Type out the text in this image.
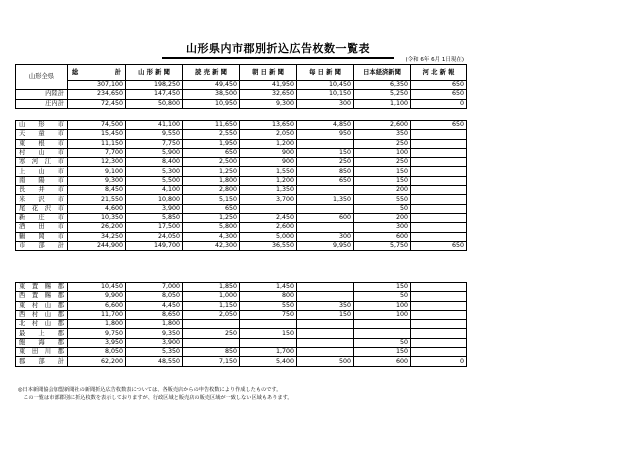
山形県内市郡別折込広告枚数一覧表
(令和 6年 6月 1日現在)
山形全県	総　　　計	山 形 新 聞	読 売 新 聞	朝 日 新 聞	毎 日 新 聞	日本経済新聞	河 北 新 報
	307,100	198,250	49,450	41,950	10,450	6,350	650
内陸計	234,650	147,450	38,500	32,650	10,150	5,250	650
庄内計	72,450	50,800	10,950	9,300	300	1,100	0
山形市	74,500	41,100	11,650	13,650	4,850	2,600	650
天童市	15,450	9,550	2,550	2,050	950	350	
東根市	11,150	7,750	1,950	1,200		250	
村山市	7,700	5,900	650	900	150	100	
寒河江市	12,300	8,400	2,500	900	250	250	
上山市	9,100	5,300	1,250	1,550	850	150	
南陽市	9,300	5,500	1,800	1,200	650	150	
長井市	8,450	4,100	2,800	1,350		200	
米沢市	21,550	10,800	5,150	3,700	1,350	550	
尾花沢市	4,600	3,900	650			50	
新庄市	10,350	5,850	1,250	2,450	600	200	
酒田市	26,200	17,500	5,800	2,600		300	
鶴岡市	34,250	24,050	4,300	5,000	300	600	
市部計	244,900	149,700	42,300	36,550	9,950	5,750	650
東置賜郡	10,450	7,000	1,850	1,450		150	
西置賜郡	9,900	8,050	1,000	800		50	
東村山郡	6,600	4,450	1,150	550	350	100	
西村山郡	11,700	8,650	2,050	750	150	100	
北村山郡	1,800	1,800					
最上郡	9,750	9,350	250	150			
飽海郡	3,950	3,900				50	
東田川郡	8,050	5,350	850	1,700		150	
郡部計	62,200	48,550	7,150	5,400	500	600	0
◎日本新聞協会加盟新聞社の新聞折込広告枚数表については、各販売店からの申告枚数により作成したものです。
　この一覧は市部郡別に折込枚数を表示しておりますが、行政区域と販売店の販売区域が一致しない区域もあります。
